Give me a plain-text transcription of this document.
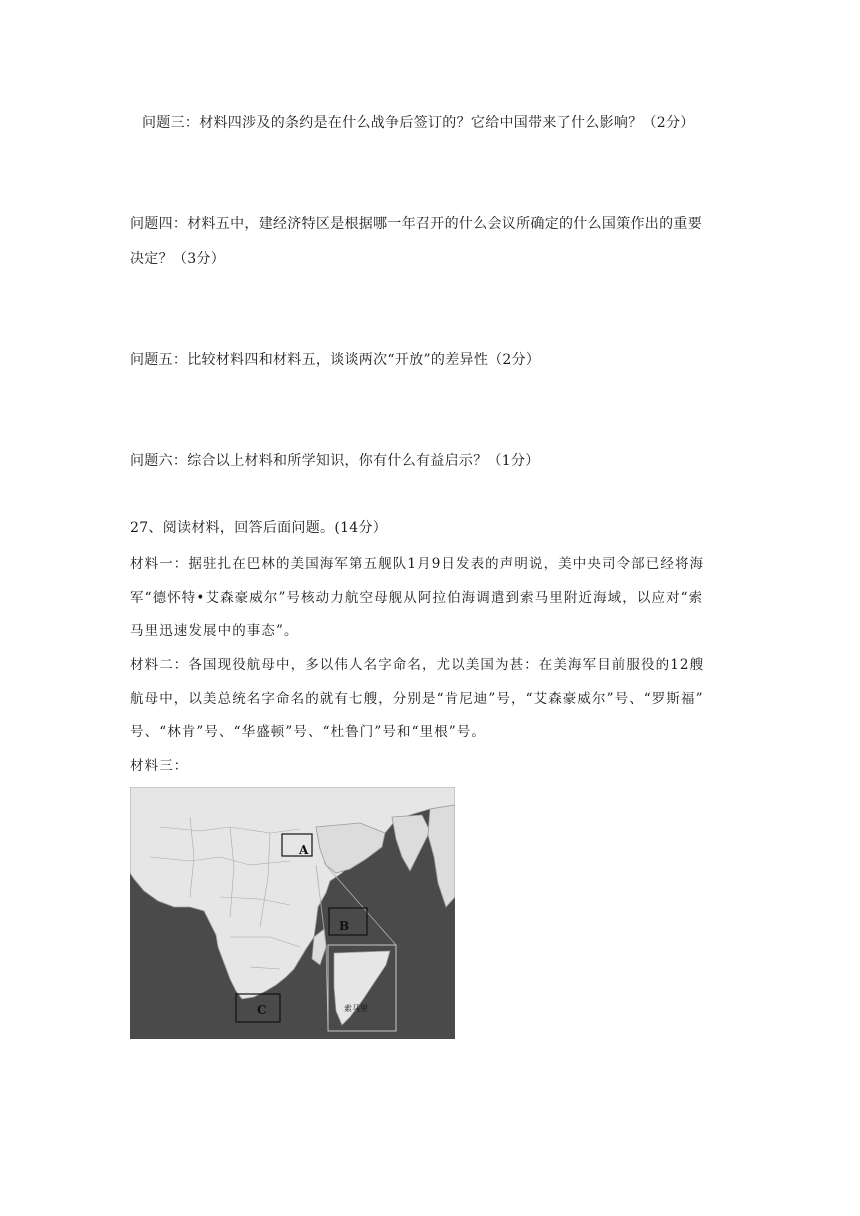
问题三：材料四涉及的条约是在什么战争后签订的？它给中国带来了什么影响？（2分）
问题四：材料五中，建经济特区是根据哪一年召开的什么会议所确定的什么国策作出的重要
决定？（3分）
问题五：比较材料四和材料五，谈谈两次“开放”的差异性（2分）
问题六：综合以上材料和所学知识，你有什么有益启示？（1分）
27、阅读材料，回答后面问题。(14分）
材料一：据驻扎在巴林的美国海军第五舰队1月9日发表的声明说，美中央司令部已经将海
军“德怀特•艾森豪威尔”号核动力航空母舰从阿拉伯海调遣到索马里附近海域，以应对“索
马里迅速发展中的事态”。
材料二：各国现役航母中，多以伟人名字命名，尤以美国为甚：在美海军目前服役的12艘
航母中，以美总统名字命名的就有七艘，分别是“肯尼迪”号，“艾森豪威尔”号、“罗斯福”
号、“林肯”号、“华盛顿”号、“杜鲁门”号和“里根”号。
材料三：
索马里
A
B
C
